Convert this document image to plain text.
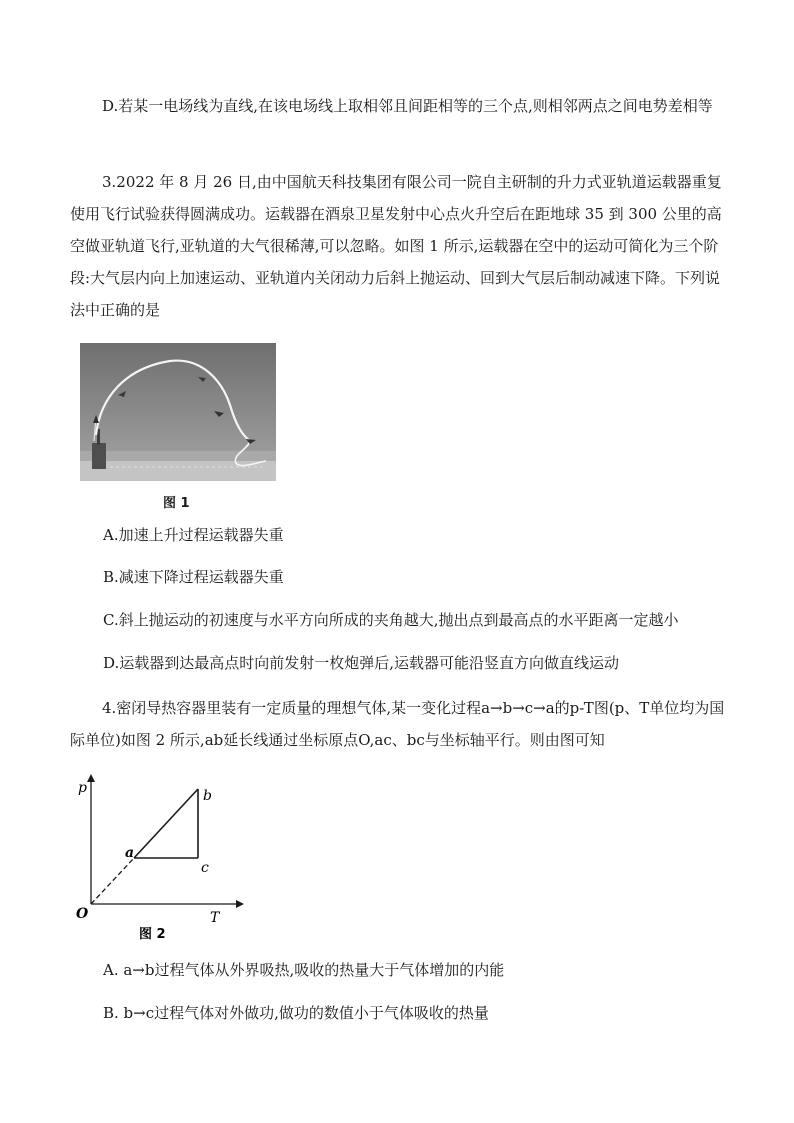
D.若某一电场线为直线,在该电场线上取相邻且间距相等的三个点,则相邻两点之间电势差相等

3.2022 年 8 月 26 日,由中国航天科技集团有限公司一院自主研制的升力式亚轨道运载器重复使用飞行试验获得圆满成功。运载器在酒泉卫星发射中心点火升空后在距地球 35 到 300 公里的高空做亚轨道飞行,亚轨道的大气很稀薄,可以忽略。如图 1 所示,运载器在空中的运动可简化为三个阶段:大气层内向上加速运动、亚轨道内关闭动力后斜上抛运动、回到大气层后制动减速下降。下列说法中正确的是

图 1

A.加速上升过程运载器失重

B.减速下降过程运载器失重

C.斜上抛运动的初速度与水平方向所成的夹角越大,抛出点到最高点的水平距离一定越小

D.运载器到达最高点时向前发射一枚炮弹后,运载器可能沿竖直方向做直线运动

4.密闭导热容器里装有一定质量的理想气体,某一变化过程a→b→c→a的p-T图(p、T单位均为国际单位)如图 2 所示,ab延长线通过坐标原点O,ac、bc与坐标轴平行。则由图可知

p
T
O
a
b
c
图 2

A. a→b过程气体从外界吸热,吸收的热量大于气体增加的内能

B. b→c过程气体对外做功,做功的数值小于气体吸收的热量
